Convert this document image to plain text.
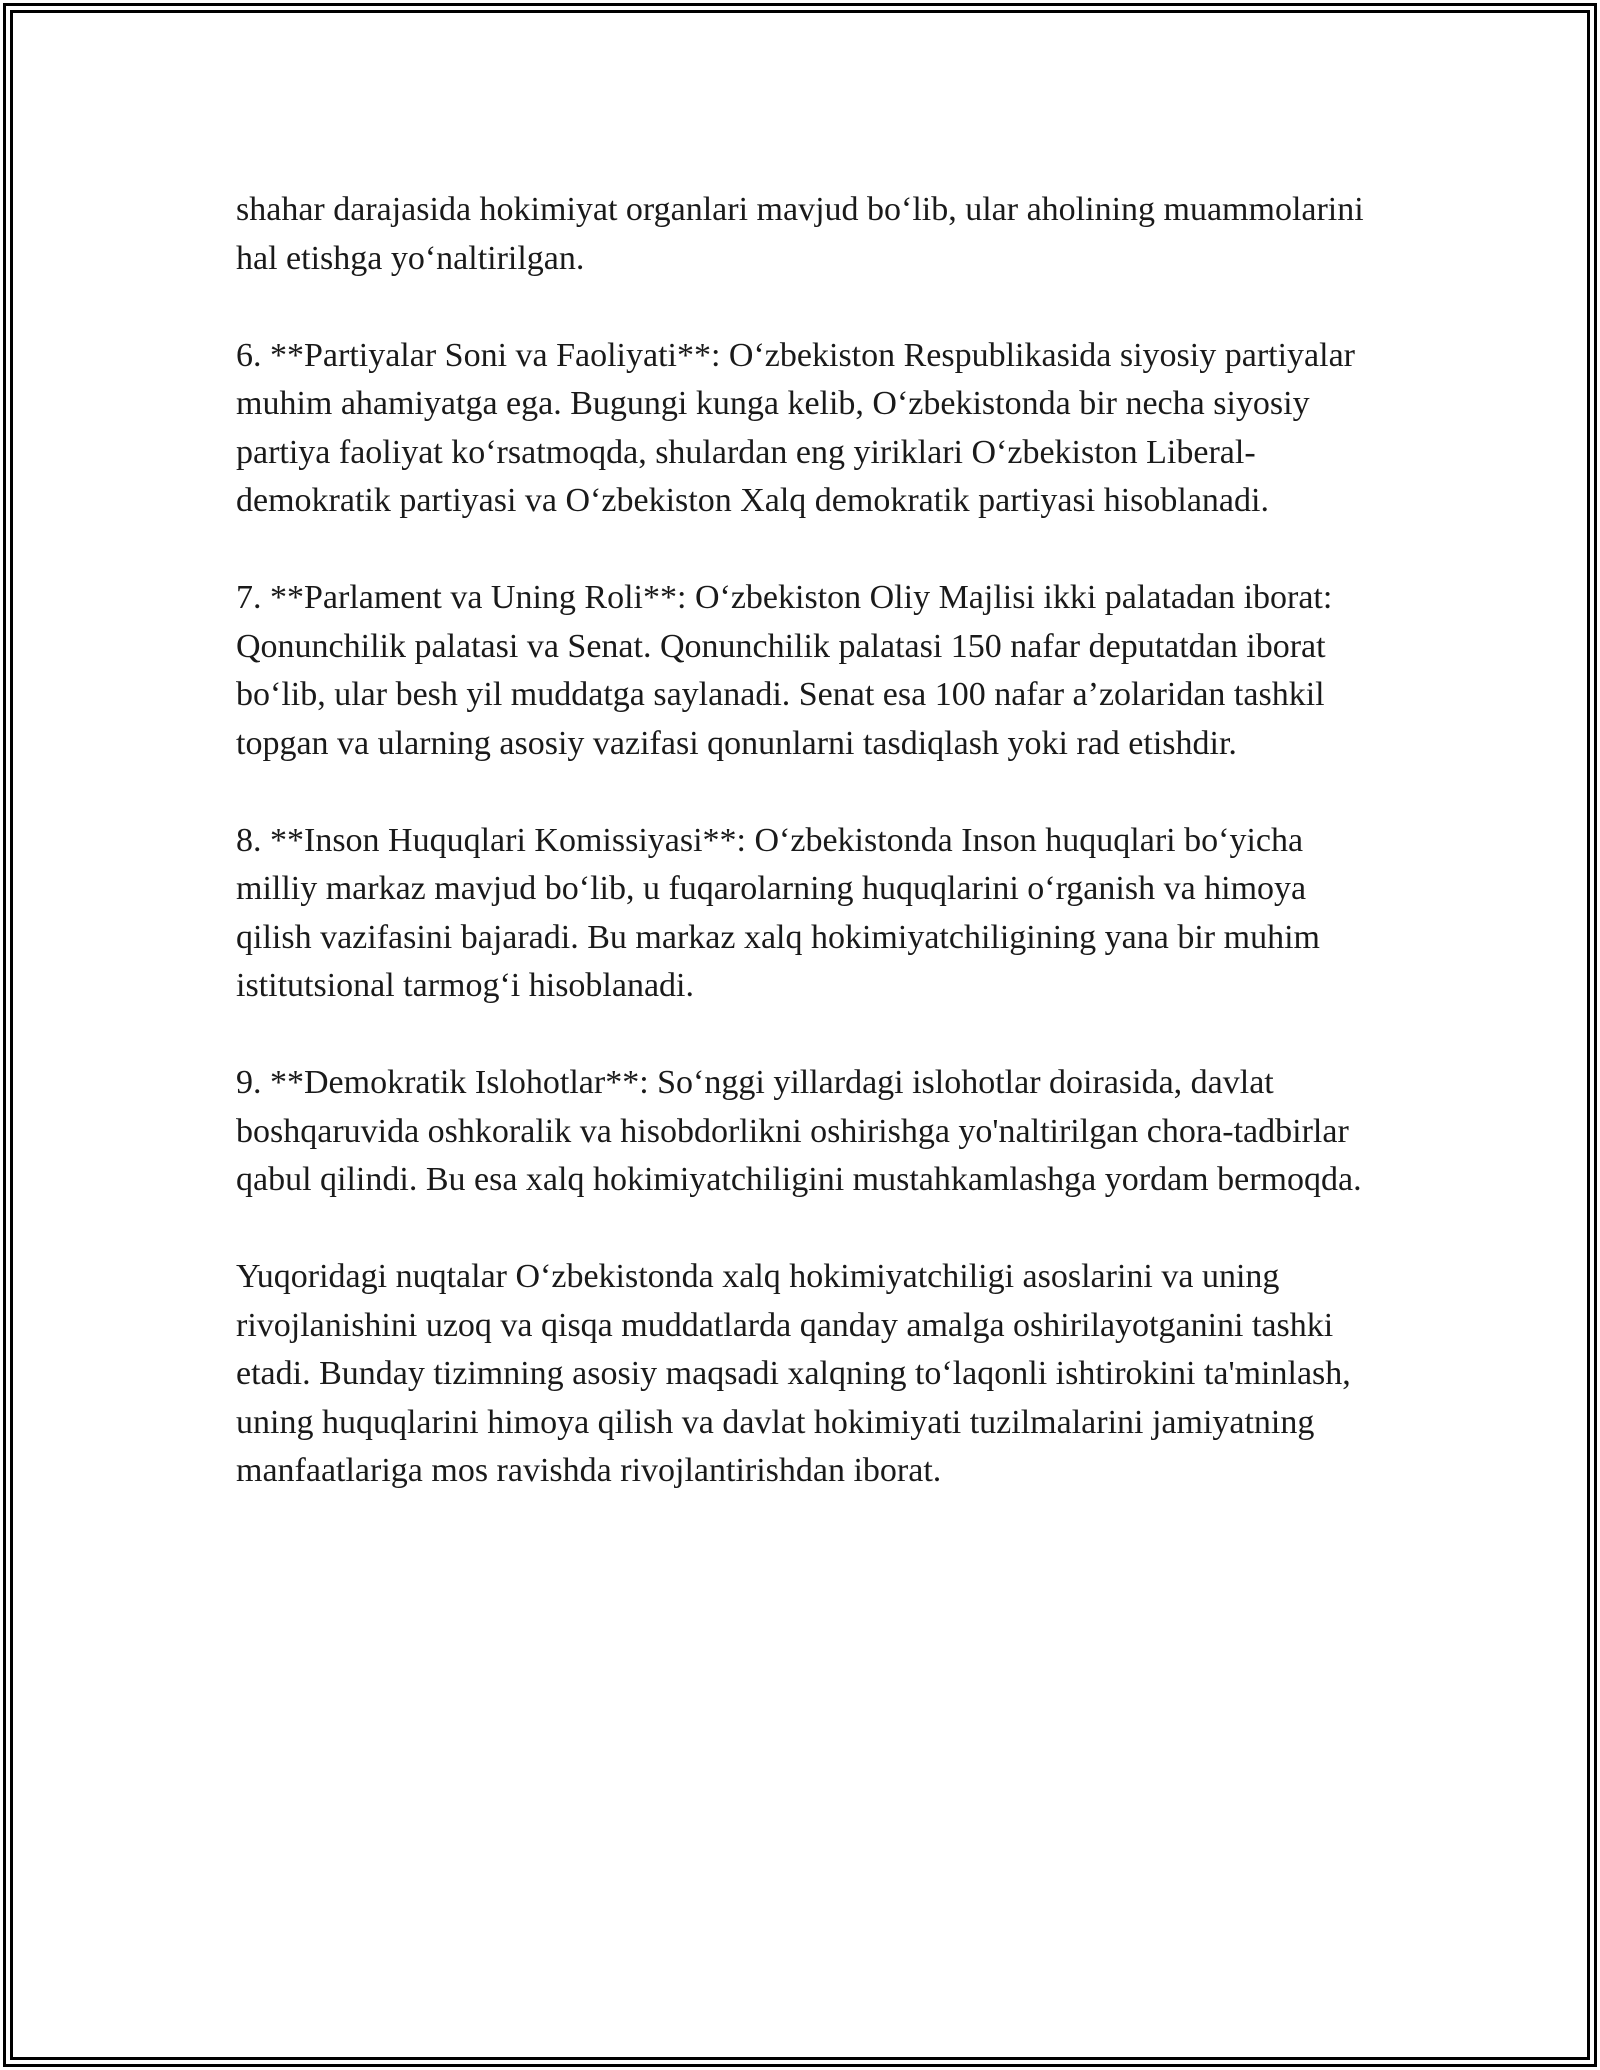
shahar darajasida hokimiyat organlari mavjud boʻlib, ular aholining muammolarini hal etishga yoʻnaltirilgan.

6. **Partiyalar Soni va Faoliyati**: Oʻzbekiston Respublikasida siyosiy partiyalar muhim ahamiyatga ega. Bugungi kunga kelib, Oʻzbekistonda bir necha siyosiy partiya faoliyat koʻrsatmoqda, shulardan eng yiriklari Oʻzbekiston Liberal-demokratik partiyasi va Oʻzbekiston Xalq demokratik partiyasi hisoblanadi.

7. **Parlament va Uning Roli**: Oʻzbekiston Oliy Majlisi ikki palatadan iborat: Qonunchilik palatasi va Senat. Qonunchilik palatasi 150 nafar deputatdan iborat boʻlib, ular besh yil muddatga saylanadi. Senat esa 100 nafar a’zolaridan tashkil topgan va ularning asosiy vazifasi qonunlarni tasdiqlash yoki rad etishdir.

8. **Inson Huquqlari Komissiyasi**: Oʻzbekistonda Inson huquqlari boʻyicha milliy markaz mavjud boʻlib, u fuqarolarning huquqlarini oʻrganish va himoya qilish vazifasini bajaradi. Bu markaz xalq hokimiyatchiligining yana bir muhim istitutsional tarmogʻi hisoblanadi.

9. **Demokratik Islohotlar**: Soʻnggi yillardagi islohotlar doirasida, davlat boshqaruvida oshkoralik va hisobdorlikni oshirishga yo'naltirilgan chora-tadbirlar qabul qilindi. Bu esa xalq hokimiyatchiligini mustahkamlashga yordam bermoqda.

Yuqoridagi nuqtalar Oʻzbekistonda xalq hokimiyatchiligi asoslarini va uning rivojlanishini uzoq va qisqa muddatlarda qanday amalga oshirilayotganini tashki etadi. Bunday tizimning asosiy maqsadi xalqning toʻlaqonli ishtirokini ta'minlash, uning huquqlarini himoya qilish va davlat hokimiyati tuzilmalarini jamiyatning manfaatlariga mos ravishda rivojlantirishdan iborat.
